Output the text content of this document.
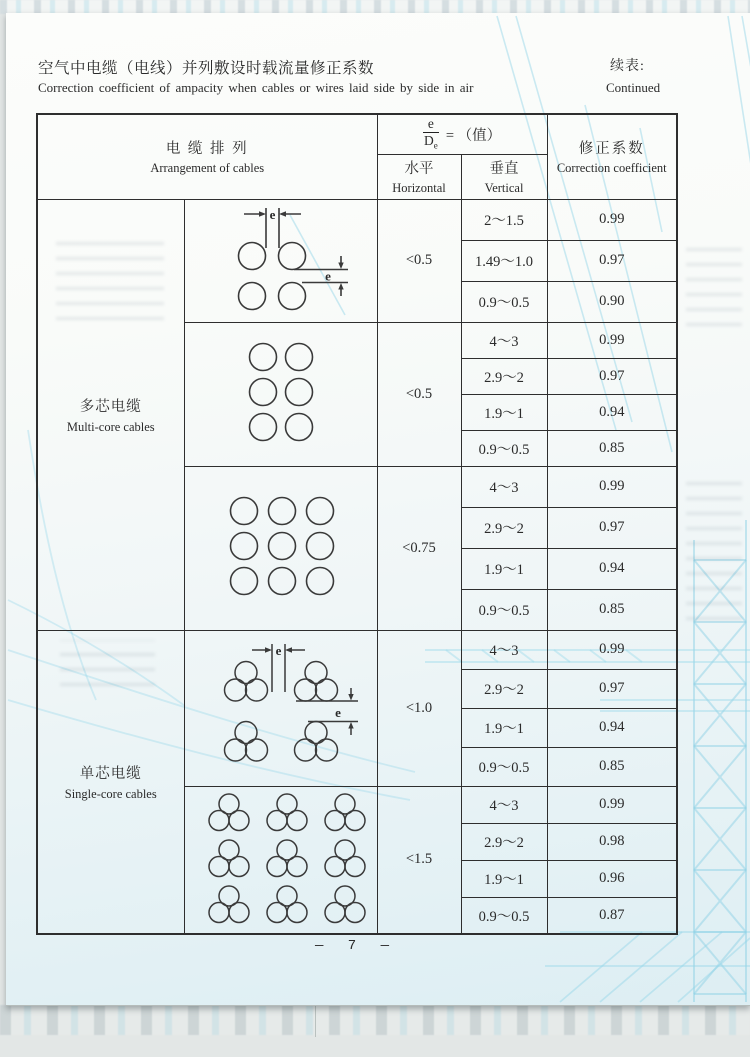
空气中电缆（电线）并列敷设时载流量修正系数
Correction coefficient of ampacity when cables or wires laid side by side in air
续表:
Continued
电 缆 排 列
Arrangement of cables

$\frac{e}{D_e}$ = （值）

修正系数
Correction coefficient

水平
Horizontal

垂直
Vertical

多芯电缆
Multi-core cables

e
e
	<0.5	2～1.5	0.99
			1.49～1.0	0.97
			0.9～0.5	0.90
	<0.5	4～3	0.99
			2.9～2	0.97
			1.9～1	0.94
			0.9～0.5	0.85
	<0.75	4～3	0.99
			2.9～2	0.97
			1.9～1	0.94
			0.9～0.5	0.85

单芯电缆
Single-core cables

e
e	<1.0	4～3	0.99
			2.9～2	0.97
			1.9～1	0.94
			0.9～0.5	0.85
	<1.5	4～3	0.99
			2.9～2	0.98
			1.9～1	0.96
			0.9～0.5	0.87
— 7 —
